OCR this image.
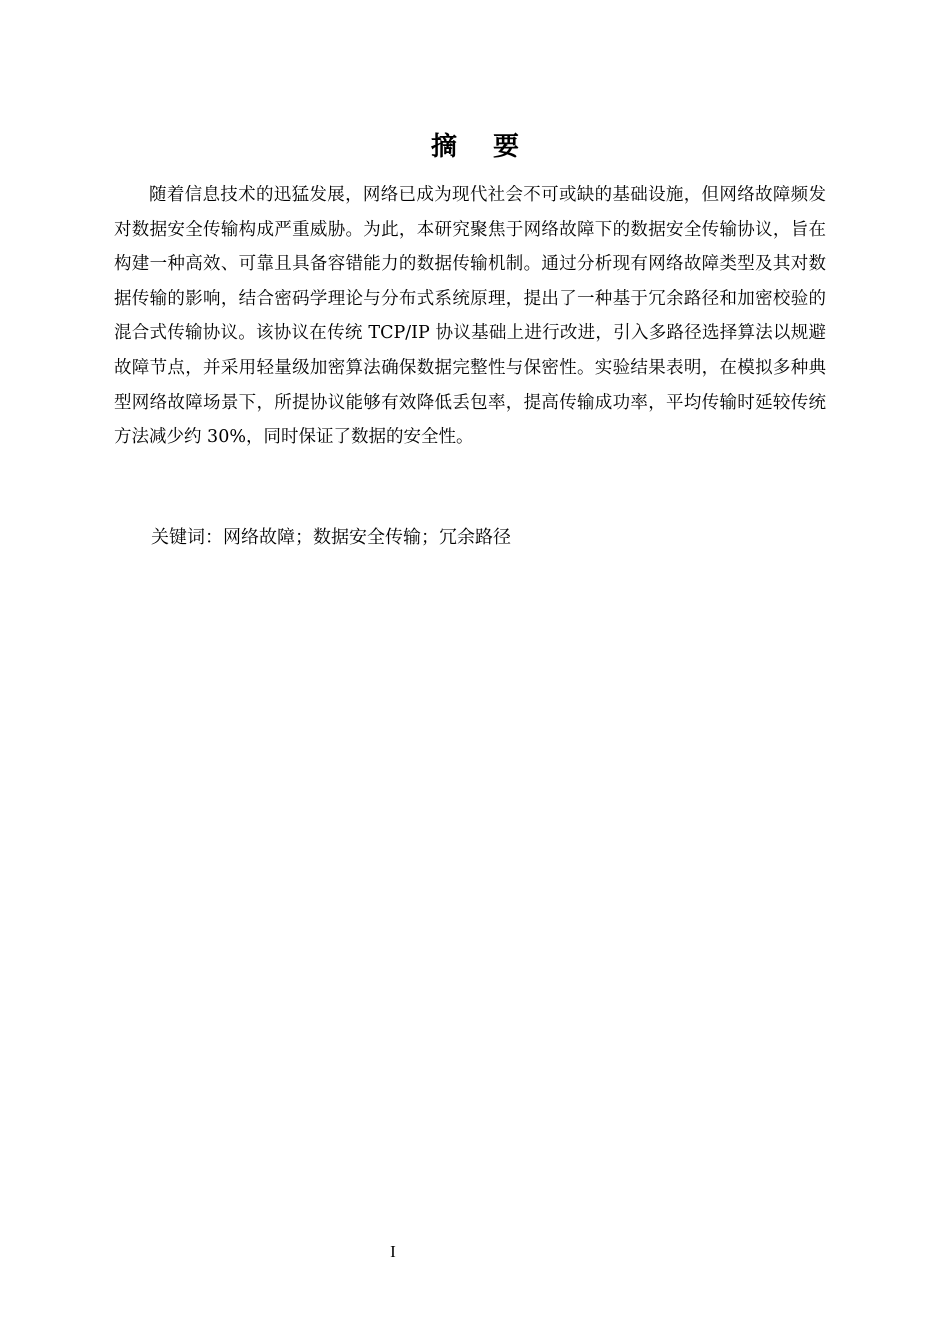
摘 要

随着信息技术的迅猛发展，网络已成为现代社会不可或缺的基础设施，但网络故障频发对数据安全传输构成严重威胁。为此，本研究聚焦于网络故障下的数据安全传输协议，旨在构建一种高效、可靠且具备容错能力的数据传输机制。通过分析现有网络故障类型及其对数据传输的影响，结合密码学理论与分布式系统原理，提出了一种基于冗余路径和加密校验的混合式传输协议。该协议在传统 TCP/IP 协议基础上进行改进，引入多路径选择算法以规避故障节点，并采用轻量级加密算法确保数据完整性与保密性。实验结果表明，在模拟多种典型网络故障场景下，所提协议能够有效降低丢包率，提高传输成功率，平均传输时延较传统方法减少约 30%，同时保证了数据的安全性。

关键词：网络故障；数据安全传输；冗余路径
I
